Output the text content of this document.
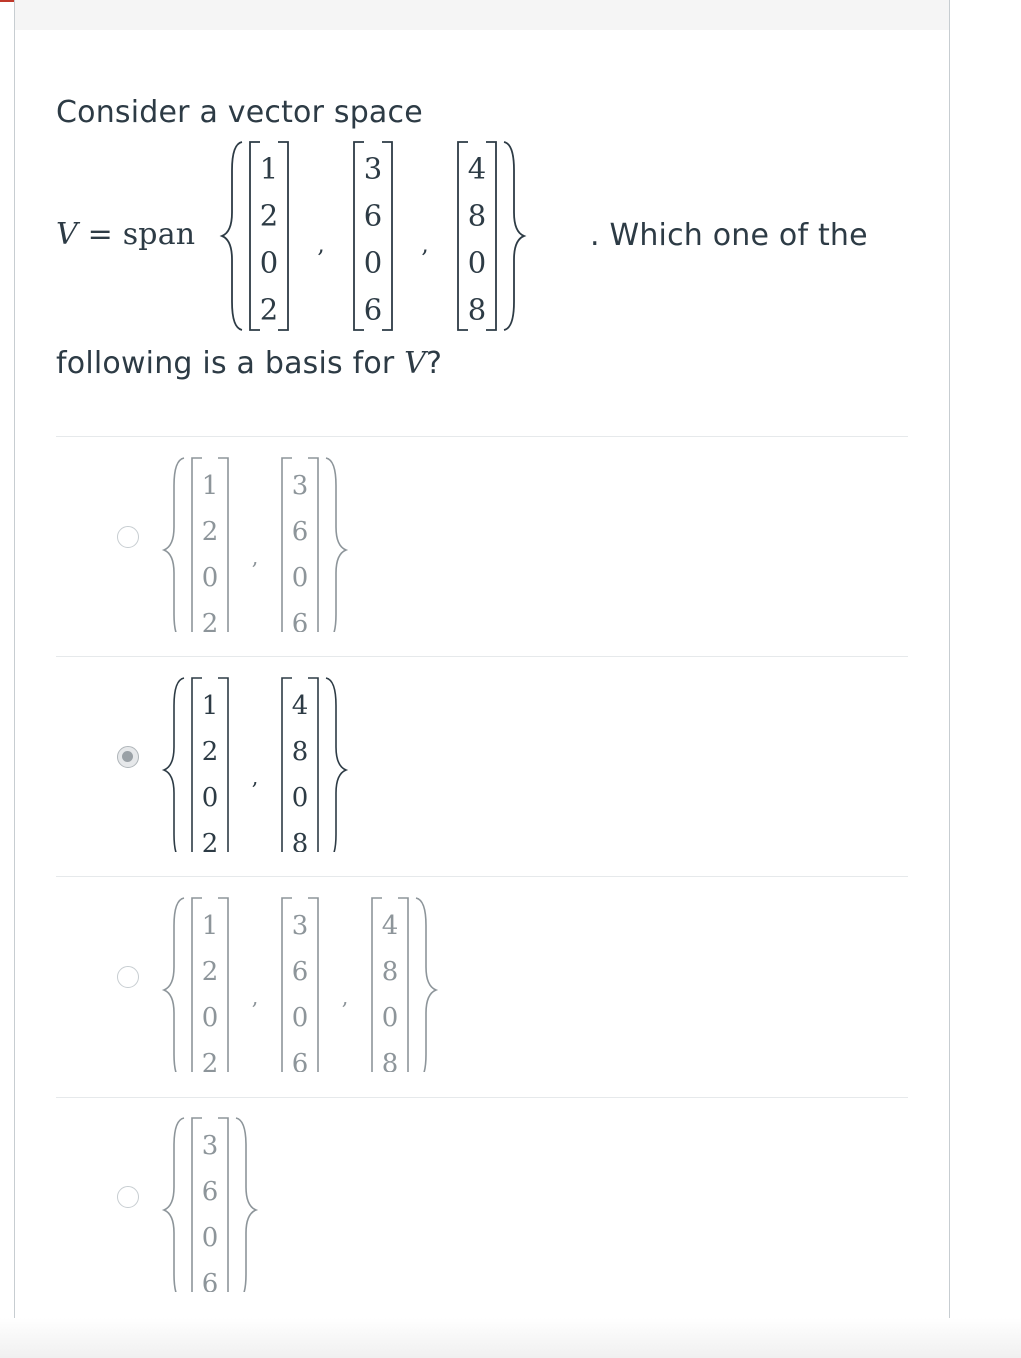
Consider a vector space
V = span
1
2
0
2
,
3
6
0
6
,
4
8
0
8
. Which one of the
following is a basis for V?
1
2
0
2
,
3
6
0
6
1
2
0
2
,
4
8
0
8
1
2
0
2
,
3
6
0
6
,
4
8
0
8
3
6
0
6
